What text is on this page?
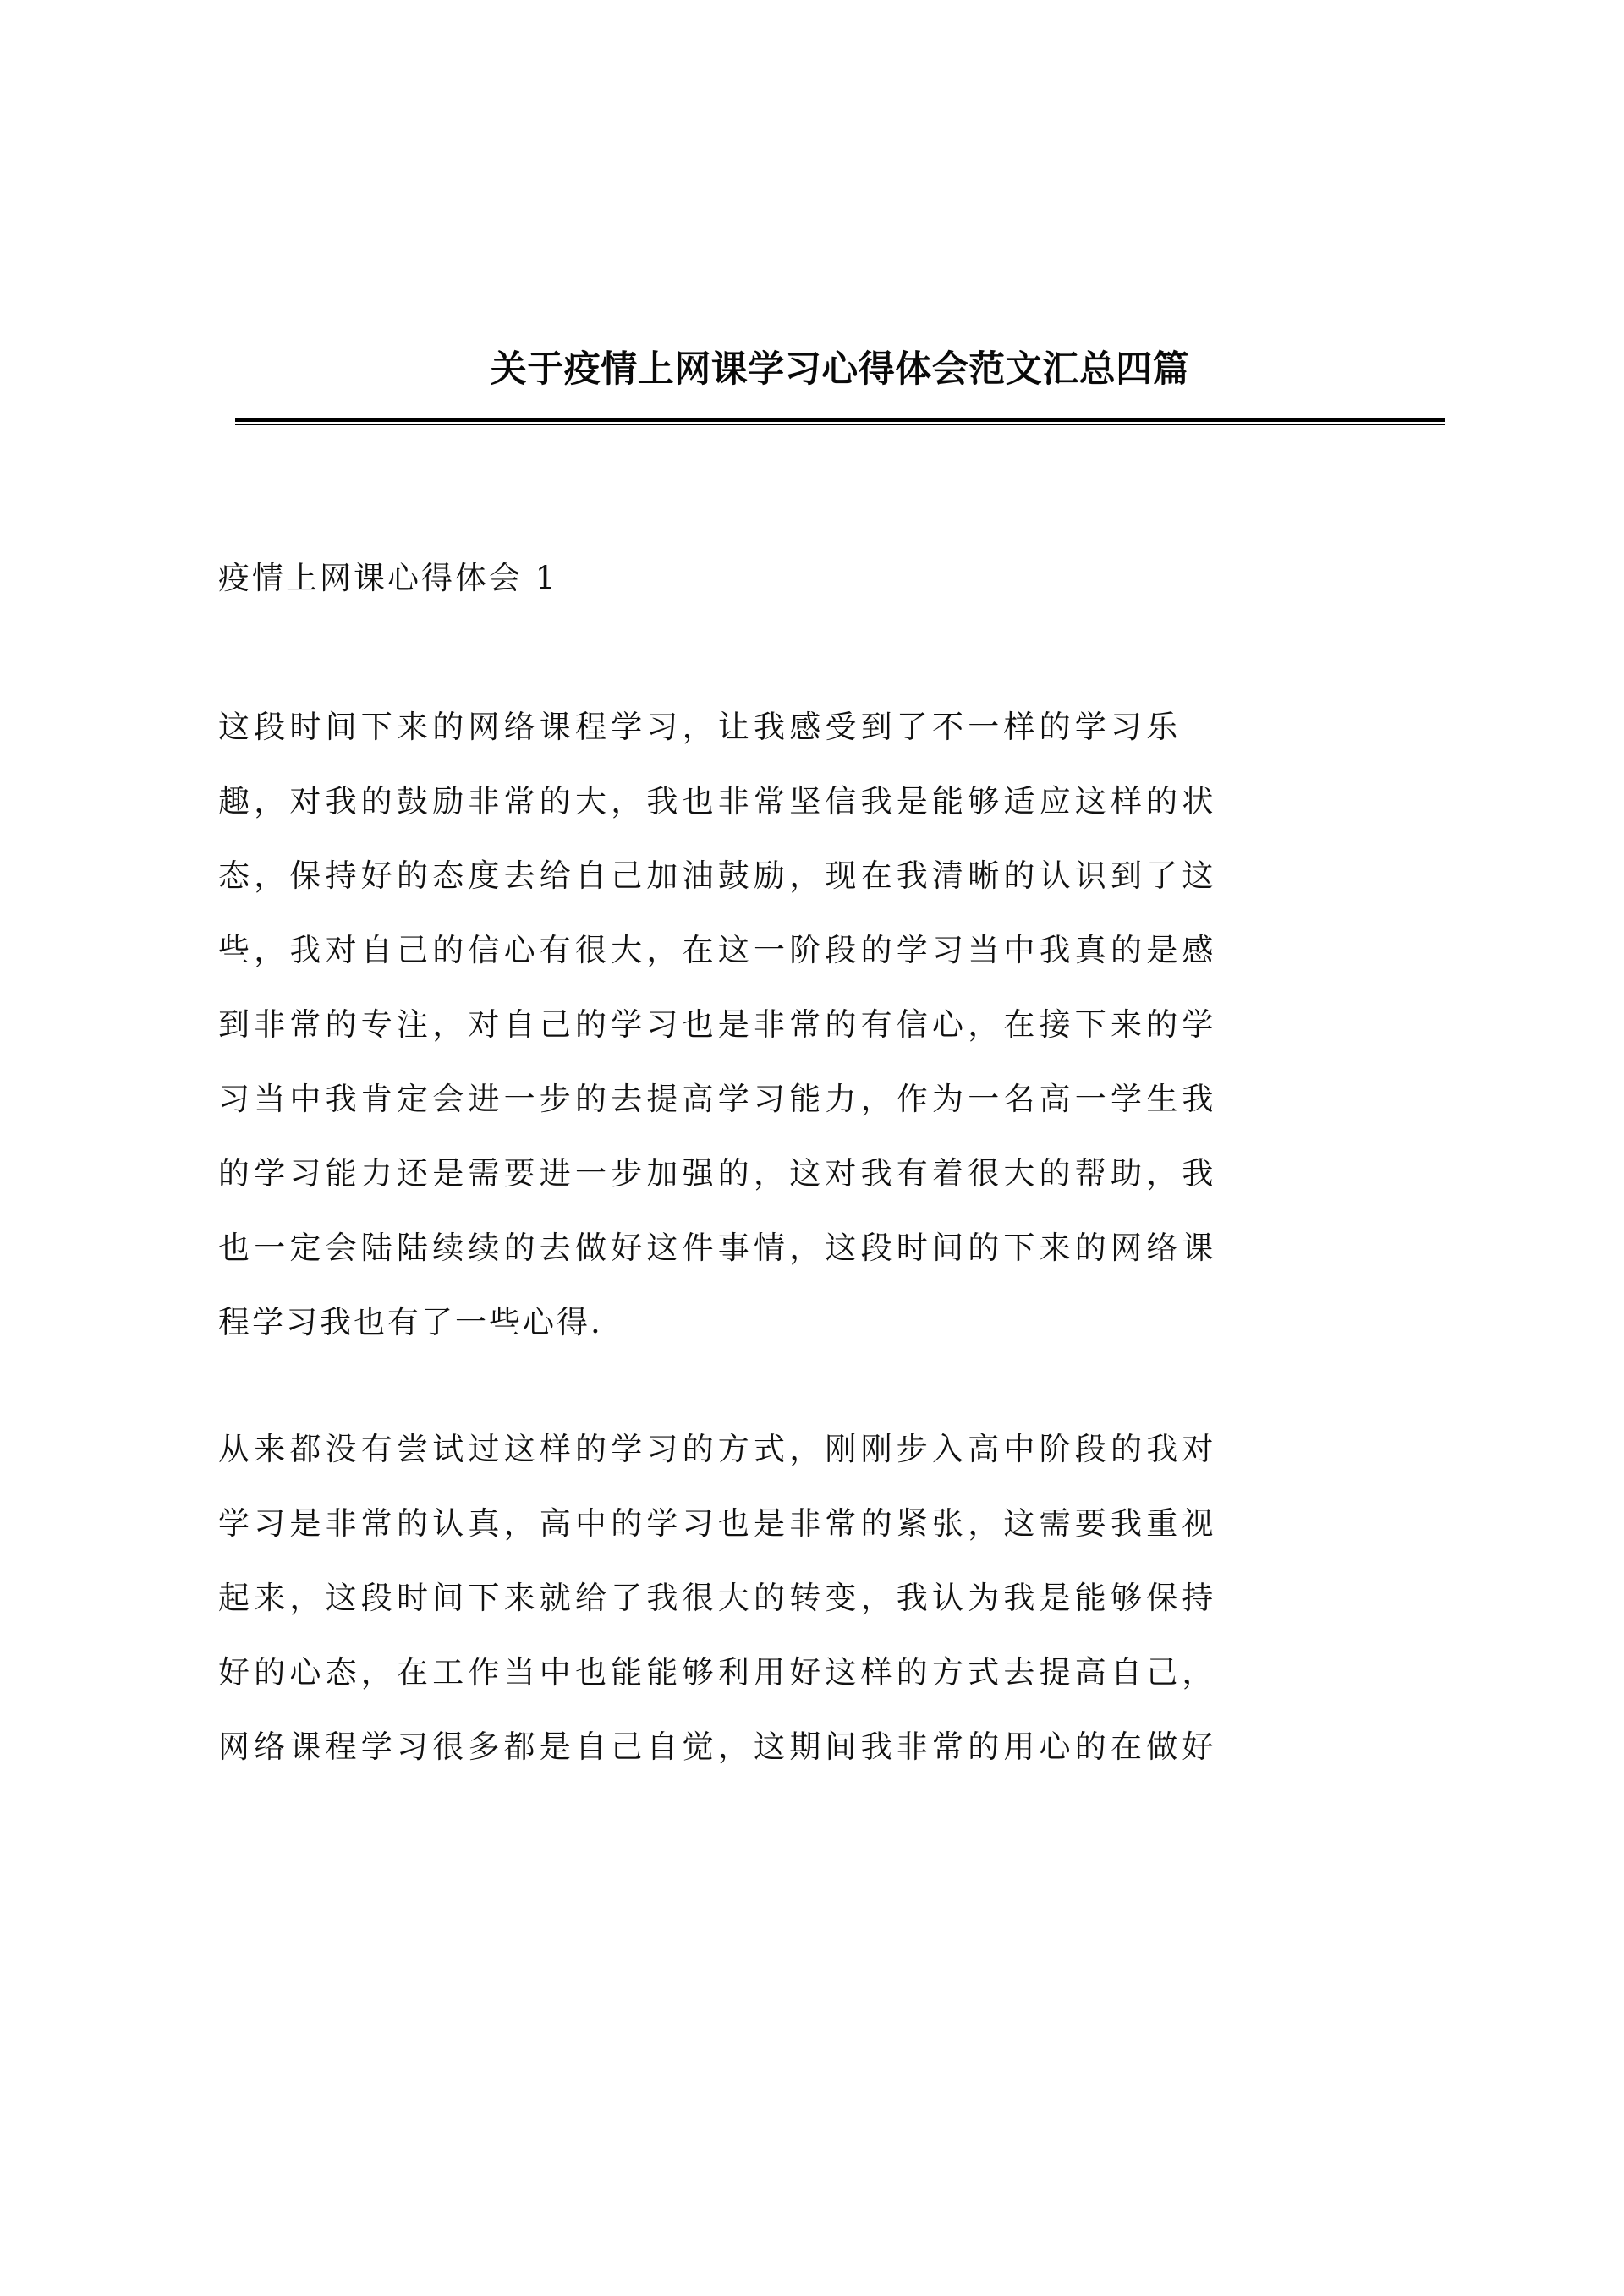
关于疫情上网课学习心得体会范文汇总四篇
疫情上网课心得体会 1
这段时间下来的网络课程学习，让我感受到了不一样的学习乐
趣，对我的鼓励非常的大，我也非常坚信我是能够适应这样的状
态，保持好的态度去给自己加油鼓励，现在我清晰的认识到了这
些，我对自己的信心有很大，在这一阶段的学习当中我真的是感
到非常的专注，对自己的学习也是非常的有信心，在接下来的学
习当中我肯定会进一步的去提高学习能力，作为一名高一学生我
的学习能力还是需要进一步加强的，这对我有着很大的帮助，我
也一定会陆陆续续的去做好这件事情，这段时间的下来的网络课
程学习我也有了一些心得.
从来都没有尝试过这样的学习的方式，刚刚步入高中阶段的我对
学习是非常的认真，高中的学习也是非常的紧张，这需要我重视
起来，这段时间下来就给了我很大的转变，我认为我是能够保持
好的心态，在工作当中也能能够利用好这样的方式去提高自己，
网络课程学习很多都是自己自觉，这期间我非常的用心的在做好
